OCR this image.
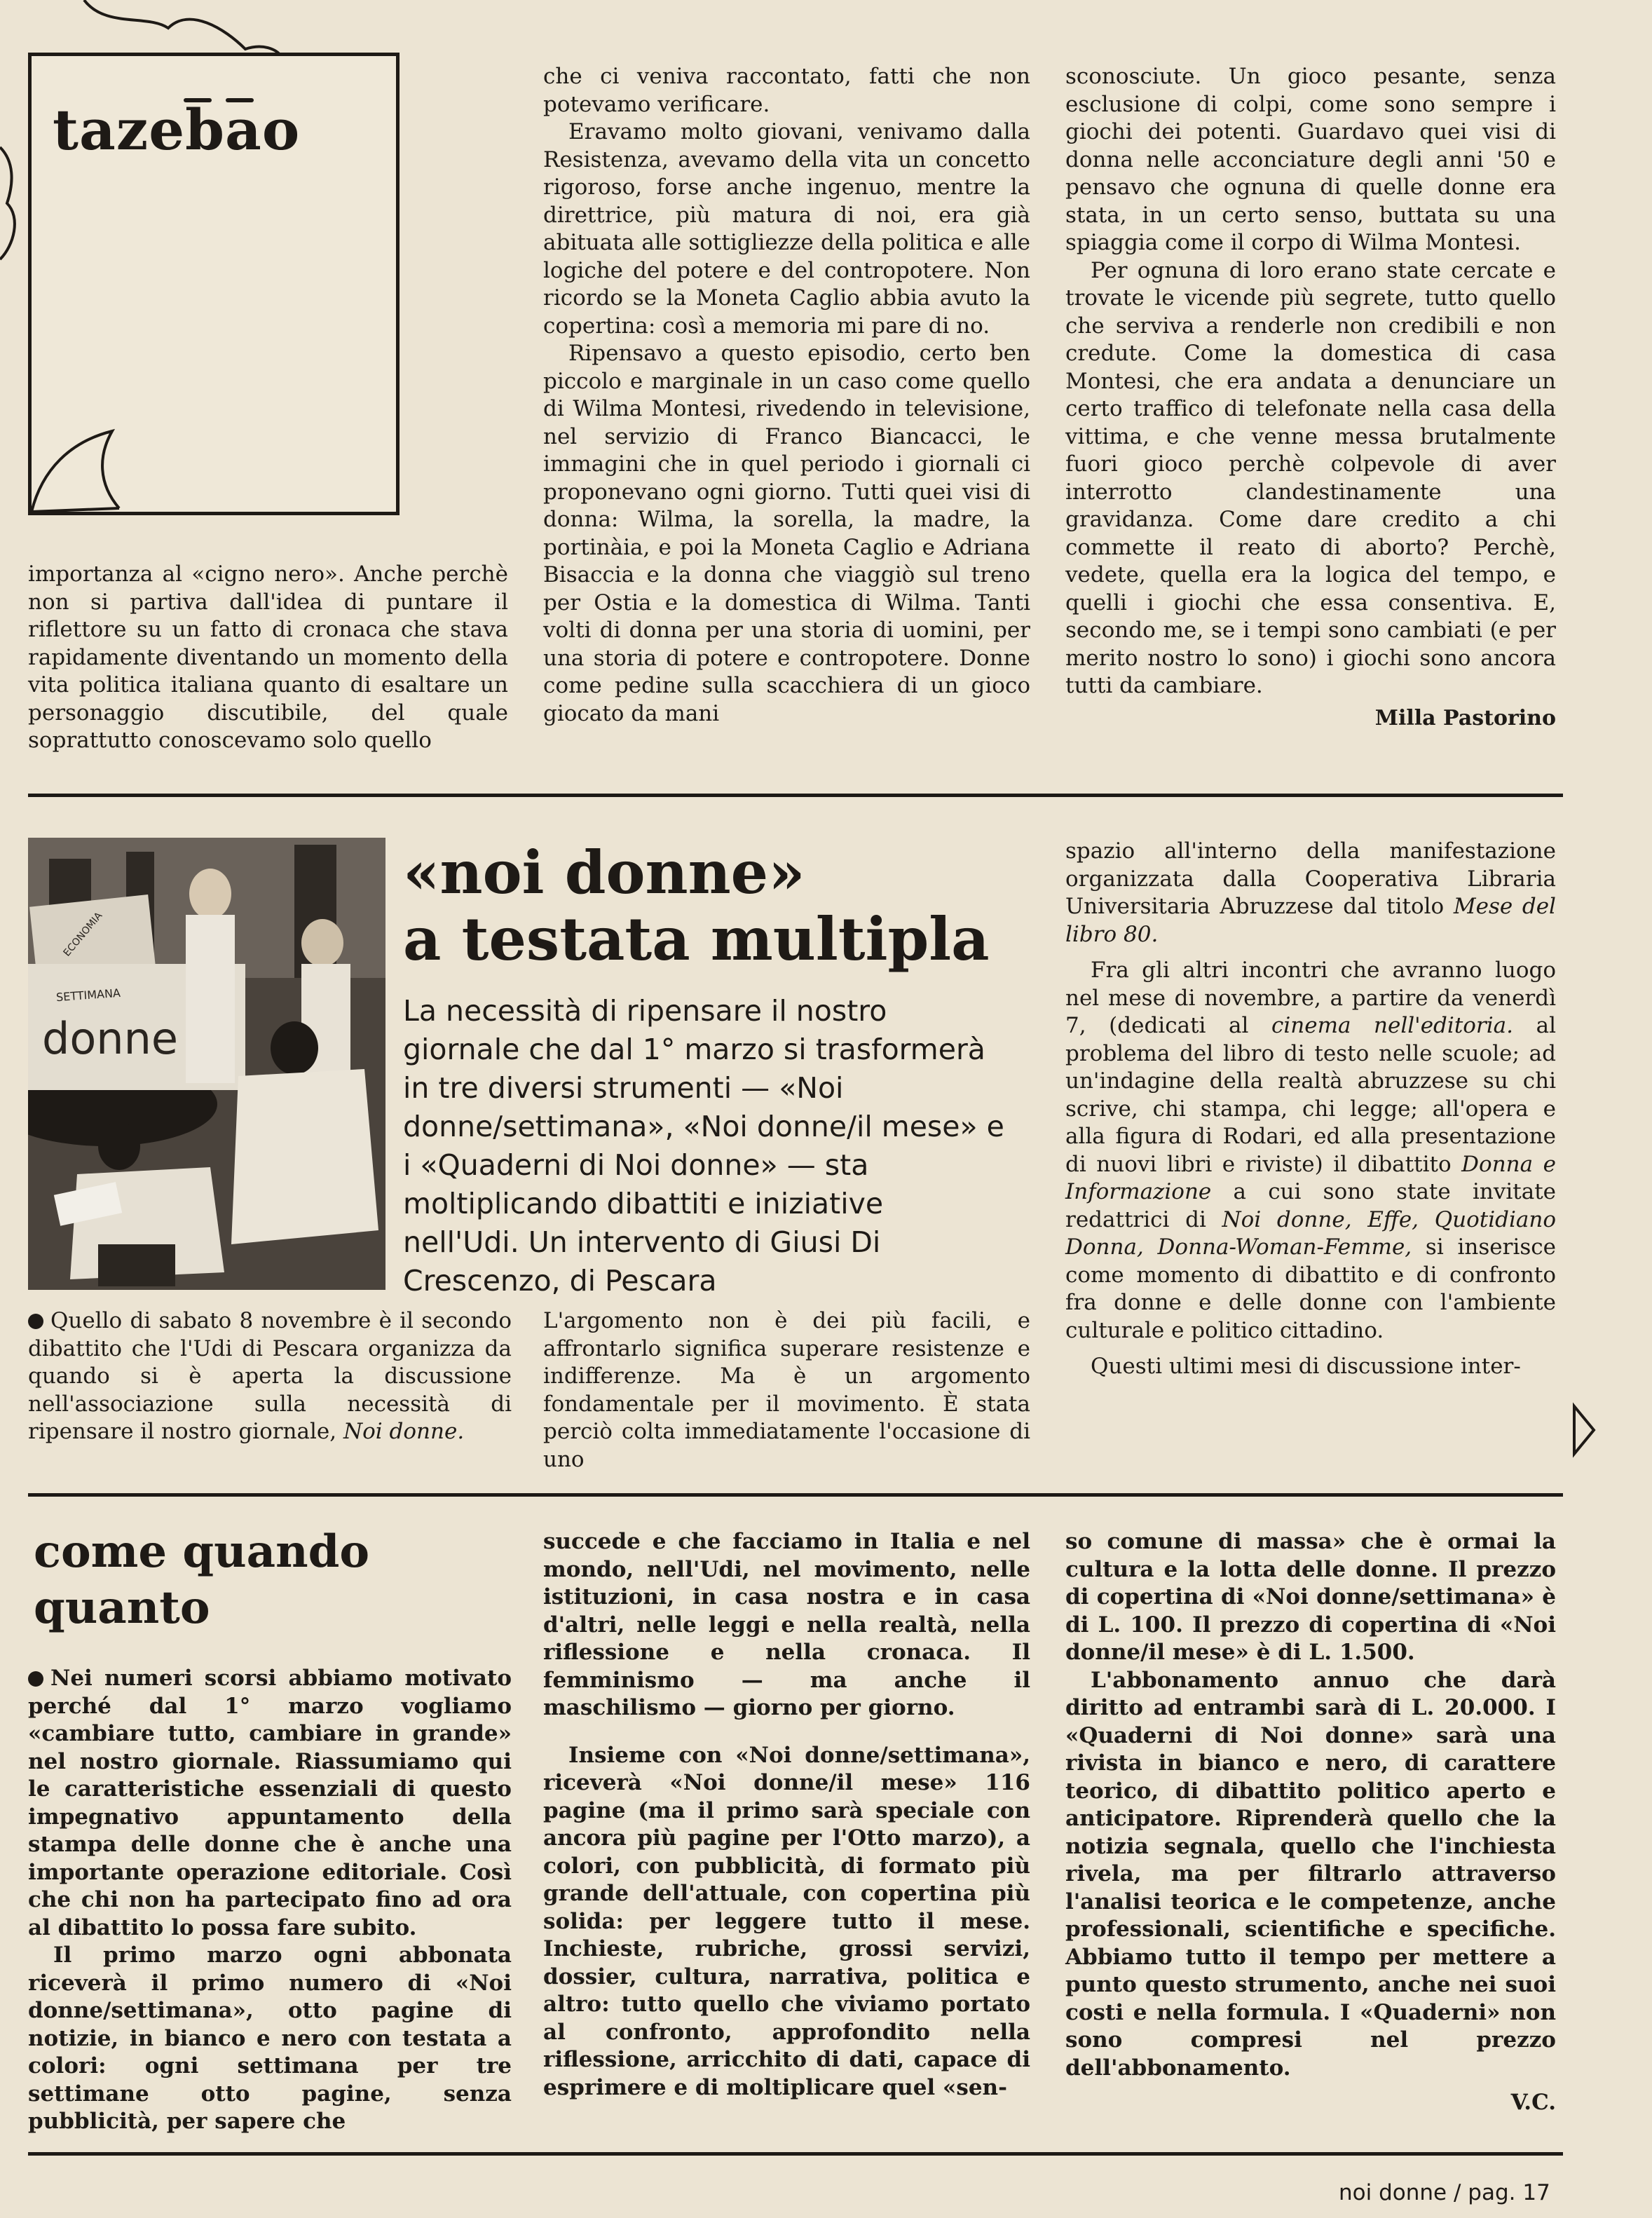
tazebao

importanza al «cigno nero». Anche perchè non si partiva dall'idea di puntare il riflettore su un fatto di cronaca che stava rapidamente diventando un momento della vita politica italiana quanto di esaltare un personaggio discutibile, del quale soprattutto conoscevamo solo quello

che ci veniva raccontato, fatti che non potevamo verificare.

Eravamo molto giovani, venivamo dalla Resistenza, avevamo della vita un concetto rigoroso, forse anche ingenuo, mentre la direttrice, più matura di noi, era già abituata alle sottigliezze della politica e alle logiche del potere e del contropotere. Non ricordo se la Moneta Caglio abbia avuto la copertina: così a memoria mi pare di no.

Ripensavo a questo episodio, certo ben piccolo e marginale in un caso come quello di Wilma Montesi, rivedendo in televisione, nel servizio di Franco Biancacci, le immagini che in quel periodo i giornali ci proponevano ogni giorno. Tutti quei visi di donna: Wilma, la sorella, la madre, la portinàia, e poi la Moneta Caglio e Adriana Bisaccia e la donna che viaggiò sul treno per Ostia e la domestica di Wilma. Tanti volti di donna per una storia di uomini, per una storia di potere e contropotere. Donne come pedine sulla scacchiera di un gioco giocato da mani

sconosciute. Un gioco pesante, senza esclusione di colpi, come sono sempre i giochi dei potenti. Guardavo quei visi di donna nelle acconciature degli anni '50 e pensavo che ognuna di quelle donne era stata, in un certo senso, buttata su una spiaggia come il corpo di Wilma Montesi.

Per ognuna di loro erano state cercate e trovate le vicende più segrete, tutto quello che serviva a renderle non credibili e non credute. Come la domestica di casa Montesi, che era andata a denunciare un certo traffico di telefonate nella casa della vittima, e che venne messa brutalmente fuori gioco perchè colpevole di aver interrotto clandestinamente una gravidanza. Come dare credito a chi commette il reato di aborto? Perchè, vedete, quella era la logica del tempo, e quelli i giochi che essa consentiva. E, secondo me, se i tempi sono cambiati (e per merito nostro lo sono) i giochi sono ancora tutti da cambiare.

Milla Pastorino

SETTIMANA
ECONOMIA
donne
«noi donne»
a testata multipla
La necessità di ripensare il nostro giornale che dal 1° marzo si trasformerà in tre diversi strumenti — «Noi donne/settimana», «Noi donne/il mese» e i «Quaderni di Noi donne» — sta moltiplicando dibattiti e iniziative nell'Udi. Un intervento di Giusi Di Crescenzo, di Pescara

Quello di sabato 8 novembre è il secondo dibattito che l'Udi di Pescara organizza da quando si è aperta la discussione nell'associazione sulla necessità di ripensare il nostro giornale, Noi donne.

L'argomento non è dei più facili, e affrontarlo significa superare resistenze e indifferenze. Ma è un argomento fondamentale per il movimento. È stata perciò colta immediatamente l'occasione di uno

spazio all'interno della manifestazione organizzata dalla Cooperativa Libraria Universitaria Abruzzese dal titolo Mese del libro 80.

Fra gli altri incontri che avranno luogo nel mese di novembre, a partire da venerdì 7, (dedicati al cinema nell'editoria. al problema del libro di testo nelle scuole; ad un'indagine della realtà abruzzese su chi scrive, chi stampa, chi legge; all'opera e alla figura di Rodari, ed alla presentazione di nuovi libri e riviste) il dibattito Donna e Informazione a cui sono state invitate redattrici di Noi donne, Effe, Quotidiano Donna, Donna-Woman-Femme, si inserisce come momento di dibattito e di confronto fra donne e delle donne con l'ambiente culturale e politico cittadino.

Questi ultimi mesi di discussione inter-

come quando
quanto

Nei numeri scorsi abbiamo motivato perché dal 1° marzo vogliamo «cambiare tutto, cambiare in grande» nel nostro giornale. Riassumiamo qui le caratteristiche essenziali di questo impegnativo appuntamento della stampa delle donne che è anche una importante operazione editoriale. Così che chi non ha partecipato fino ad ora al dibattito lo possa fare subito.

Il primo marzo ogni abbonata riceverà il primo numero di «Noi donne/settimana», otto pagine di notizie, in bianco e nero con testata a colori: ogni settimana per tre settimane otto pagine, senza pubblicità, per sapere che

succede e che facciamo in Italia e nel mondo, nell'Udi, nel movimento, nelle istituzioni, in casa nostra e in casa d'altri, nelle leggi e nella realtà, nella riflessione e nella cronaca. Il femminismo — ma anche il maschilismo — giorno per giorno.

Insieme con «Noi donne/settimana», riceverà «Noi donne/il mese» 116 pagine (ma il primo sarà speciale con ancora più pagine per l'Otto marzo), a colori, con pubblicità, di formato più grande dell'attuale, con copertina più solida: per leggere tutto il mese. Inchieste, rubriche, grossi servizi, dossier, cultura, narrativa, politica e altro: tutto quello che viviamo portato al confronto, approfondito nella riflessione, arricchito di dati, capace di esprimere e di moltiplicare quel «sen-

so comune di massa» che è ormai la cultura e la lotta delle donne. Il prezzo di copertina di «Noi donne/settimana» è di L. 100. Il prezzo di copertina di «Noi donne/il mese» è di L. 1.500.

L'abbonamento annuo che darà diritto ad entrambi sarà di L. 20.000. I «Quaderni di Noi donne» sarà una rivista in bianco e nero, di carattere teorico, di dibattito politico aperto e anticipatore. Riprenderà quello che la notizia segnala, quello che l'inchiesta rivela, ma per filtrarlo attraverso l'analisi teorica e le competenze, anche professionali, scientifiche e specifiche. Abbiamo tutto il tempo per mettere a punto questo strumento, anche nei suoi costi e nella formula. I «Quaderni» non sono compresi nel prezzo dell'abbonamento.

V.C.

noi donne / pag. 17
